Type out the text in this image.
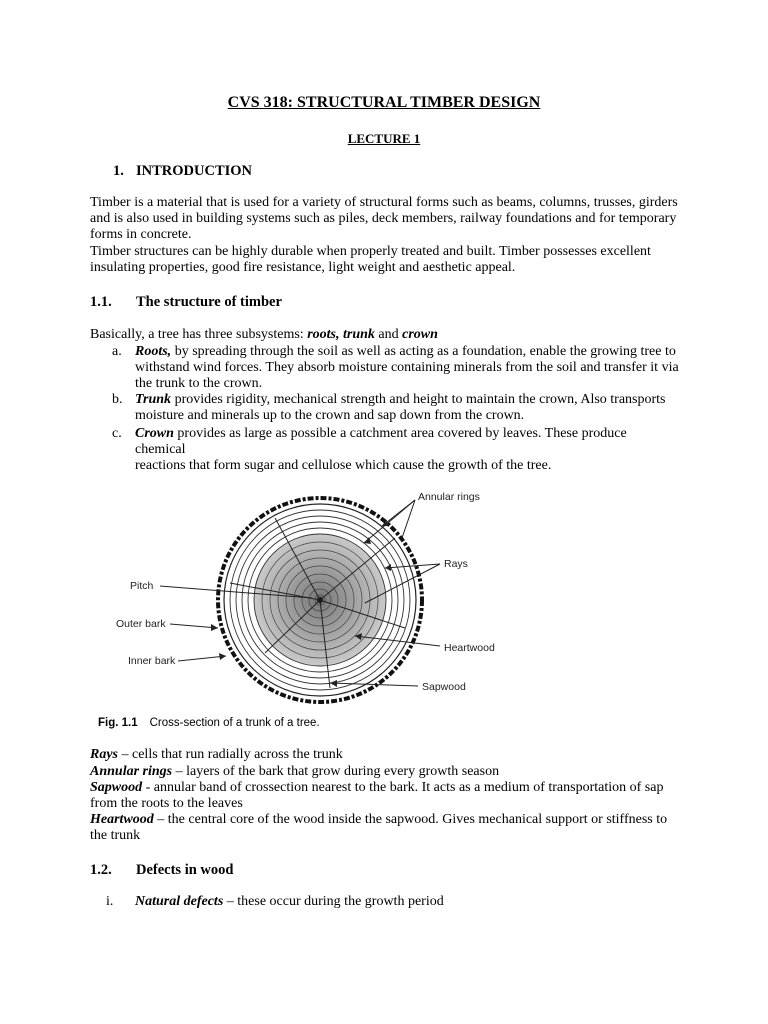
CVS 318: STRUCTURAL TIMBER DESIGN
LECTURE 1
1. INTRODUCTION
Timber is a material that is used for a variety of structural forms such as beams, columns, trusses, girders
and is also used in building systems such as piles, deck members, railway foundations and for temporary
forms in concrete.
Timber structures can be highly durable when properly treated and built. Timber possesses excellent
insulating properties, good fire resistance, light weight and aesthetic appeal.
1.1. The structure of timber
Basically, a tree has three subsystems: roots, trunk and crown
a. Roots, by spreading through the soil as well as acting as a foundation, enable the growing tree to
withstand wind forces. They absorb moisture containing minerals from the soil and transfer it via
the trunk to the crown.
b. Trunk provides rigidity, mechanical strength and height to maintain the crown, Also transports
moisture and minerals up to the crown and sap down from the crown.
c. Crown provides as large as possible a catchment area covered by leaves. These produce chemical
reactions that form sugar and cellulose which cause the growth of the tree.
Annular rings
Rays
Pitch
Outer bark
Inner bark
Heartwood
Sapwood
Fig. 1.1 Cross-section of a trunk of a tree.
Rays – cells that run radially across the trunk
Annular rings – layers of the bark that grow during every growth season
Sapwood - annular band of crossection nearest to the bark. It acts as a medium of transportation of sap
from the roots to the leaves
Heartwood – the central core of the wood inside the sapwood. Gives mechanical support or stiffness to
the trunk
1.2. Defects in wood
i. Natural defects – these occur during the growth period
